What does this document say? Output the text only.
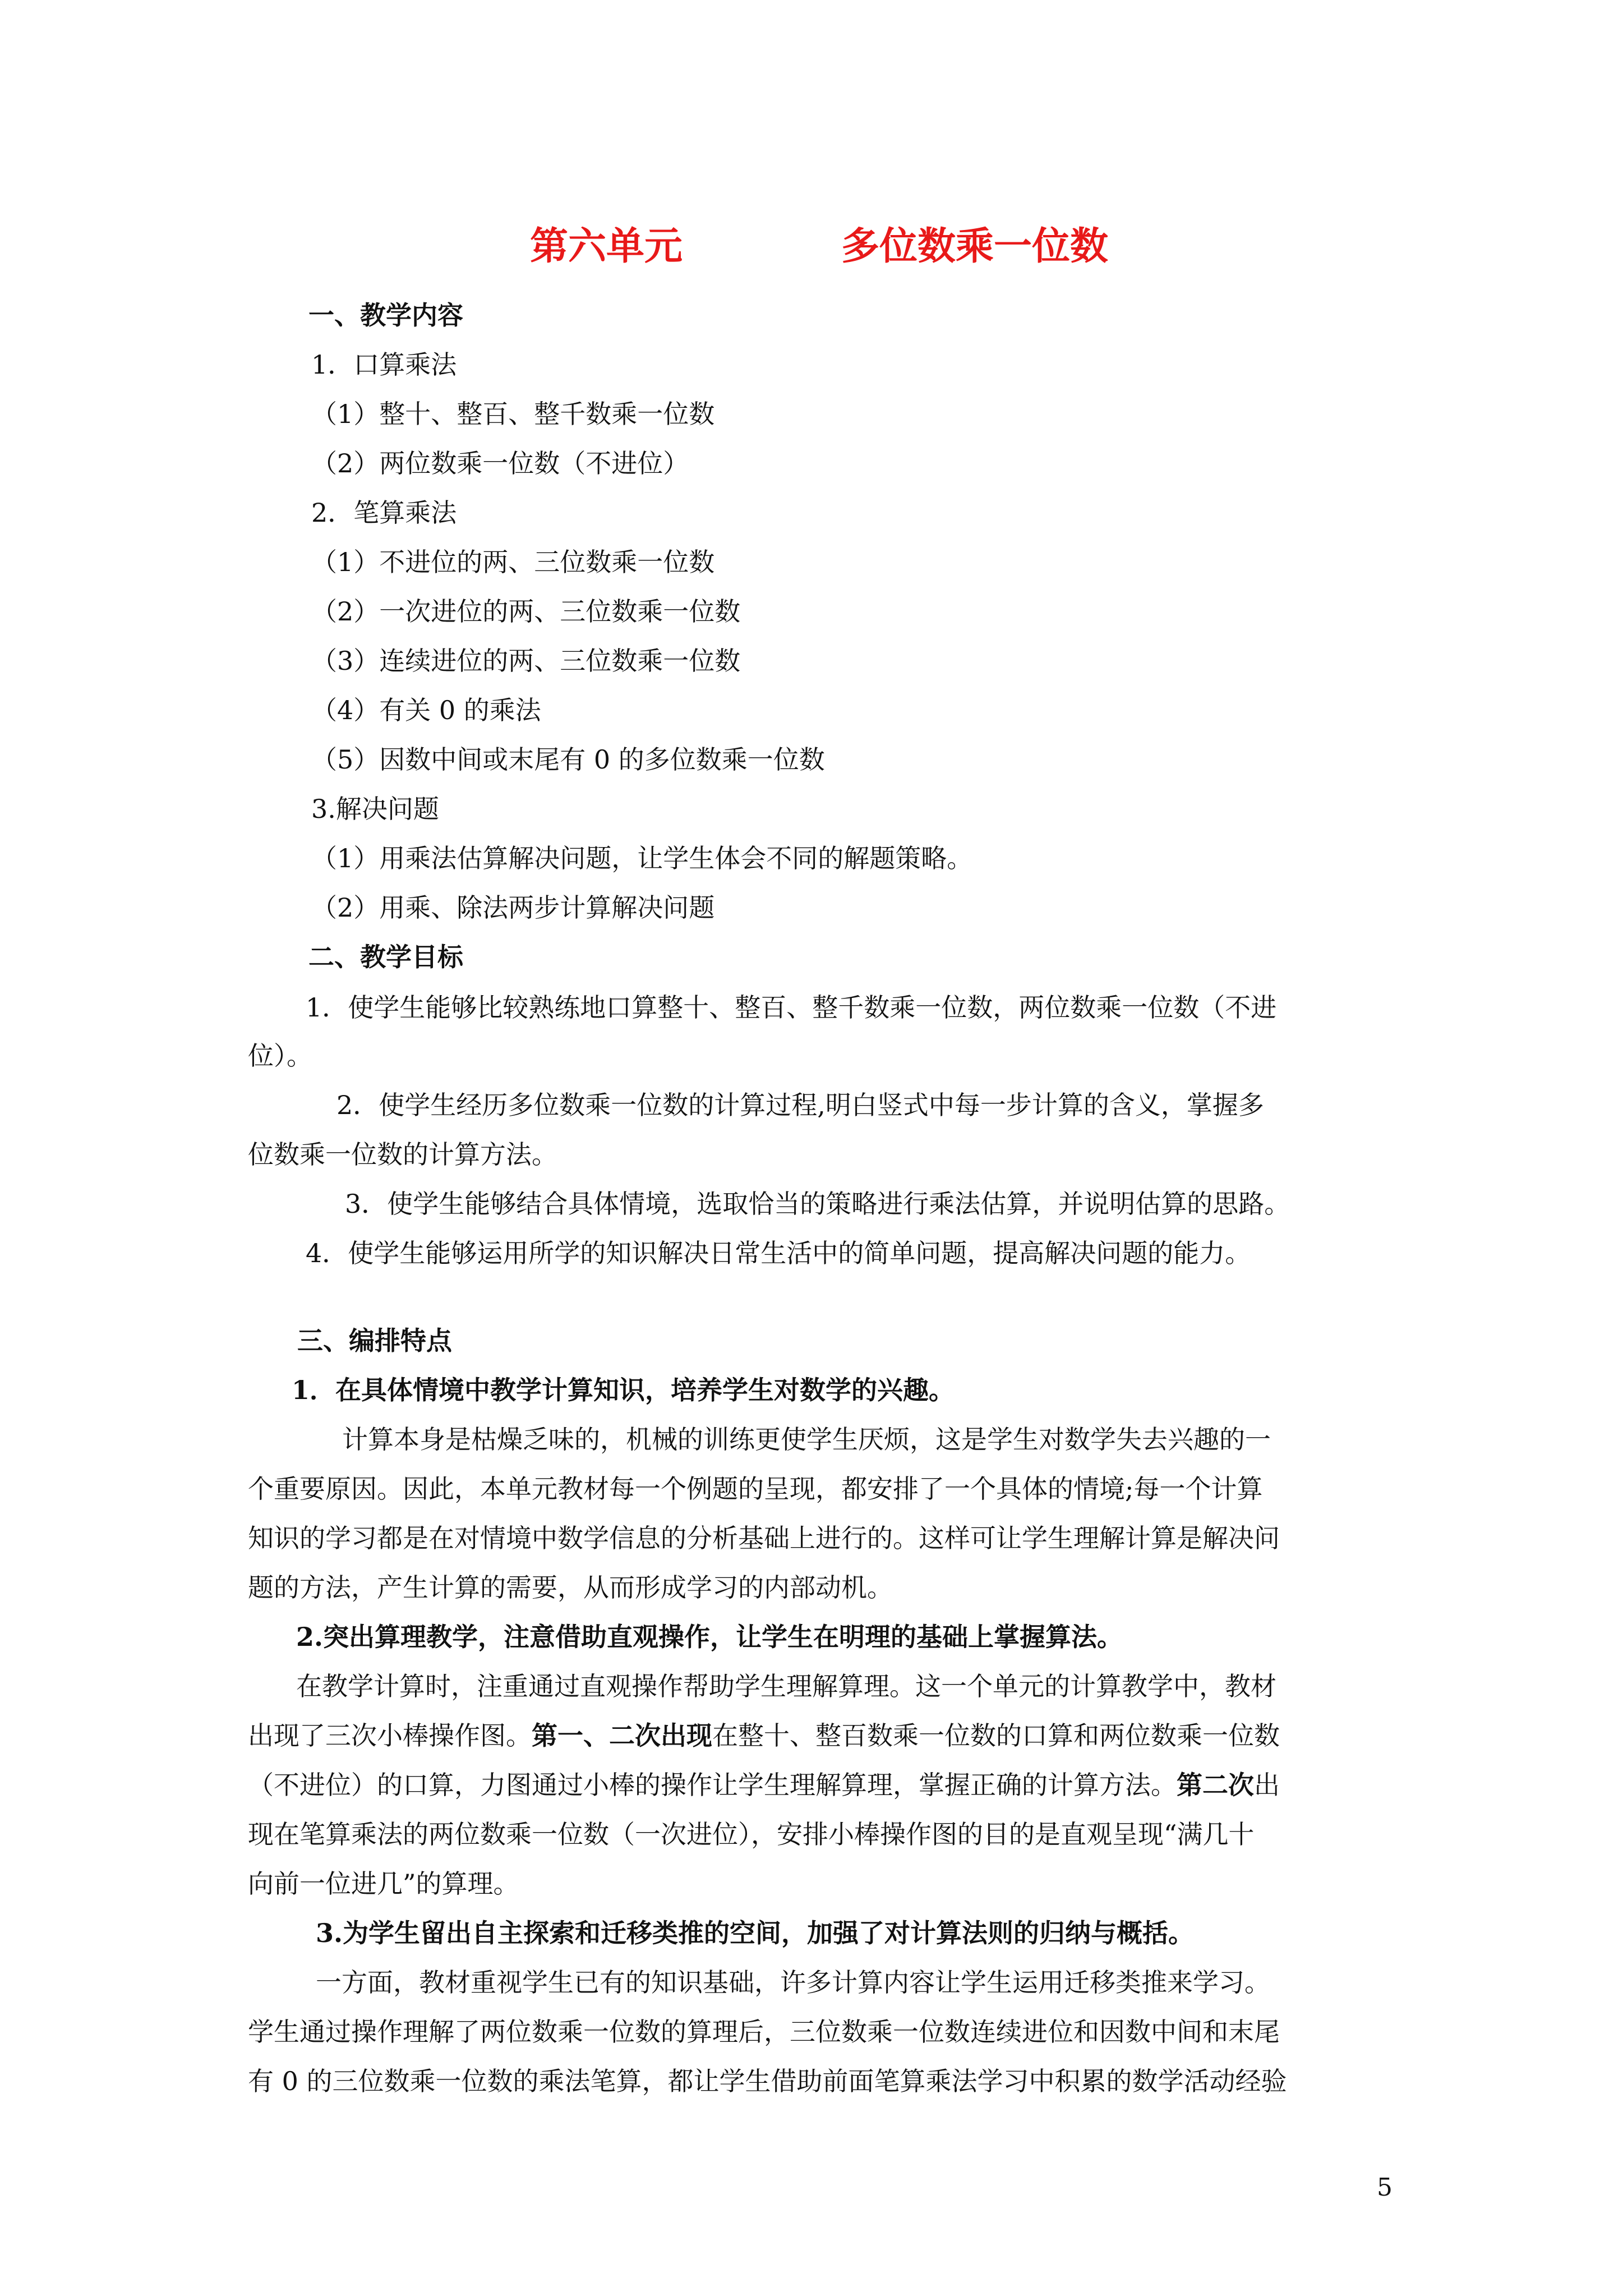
第六单元	多位数乘一位数
一、教学内容
1．口算乘法
（1）整十、整百、整千数乘一位数
（2）两位数乘一位数（不进位）
2．笔算乘法
（1）不进位的两、三位数乘一位数
（2）一次进位的两、三位数乘一位数
（3）连续进位的两、三位数乘一位数
（4）有关 0 的乘法
（5）因数中间或末尾有 0 的多位数乘一位数
3.解决问题
（1）用乘法估算解决问题，让学生体会不同的解题策略。
（2）用乘、除法两步计算解决问题
二、教学目标
1．使学生能够比较熟练地口算整十、整百、整千数乘一位数，两位数乘一位数（不进
位）。
2．使学生经历多位数乘一位数的计算过程,明白竖式中每一步计算的含义，掌握多
位数乘一位数的计算方法。
3．使学生能够结合具体情境，选取恰当的策略进行乘法估算，并说明估算的思路。
4．使学生能够运用所学的知识解决日常生活中的简单问题，提高解决问题的能力。
三、编排特点
1．在具体情境中教学计算知识，培养学生对数学的兴趣。
计算本身是枯燥乏味的，机械的训练更使学生厌烦，这是学生对数学失去兴趣的一
个重要原因。因此，本单元教材每一个例题的呈现，都安排了一个具体的情境;每一个计算
知识的学习都是在对情境中数学信息的分析基础上进行的。这样可让学生理解计算是解决问
题的方法，产生计算的需要，从而形成学习的内部动机。
2.突出算理教学，注意借助直观操作，让学生在明理的基础上掌握算法。
在教学计算时，注重通过直观操作帮助学生理解算理。这一个单元的计算教学中，教材
出现了三次小棒操作图。第一、二次出现在整十、整百数乘一位数的口算和两位数乘一位数
（不进位）的口算，力图通过小棒的操作让学生理解算理，掌握正确的计算方法。第二次出
现在笔算乘法的两位数乘一位数（一次进位），安排小棒操作图的目的是直观呈现“满几十
向前一位进几”的算理。
3.为学生留出自主探索和迁移类推的空间，加强了对计算法则的归纳与概括。
一方面，教材重视学生已有的知识基础，许多计算内容让学生运用迁移类推来学习。
学生通过操作理解了两位数乘一位数的算理后，三位数乘一位数连续进位和因数中间和末尾
有 0 的三位数乘一位数的乘法笔算，都让学生借助前面笔算乘法学习中积累的数学活动经验
5
